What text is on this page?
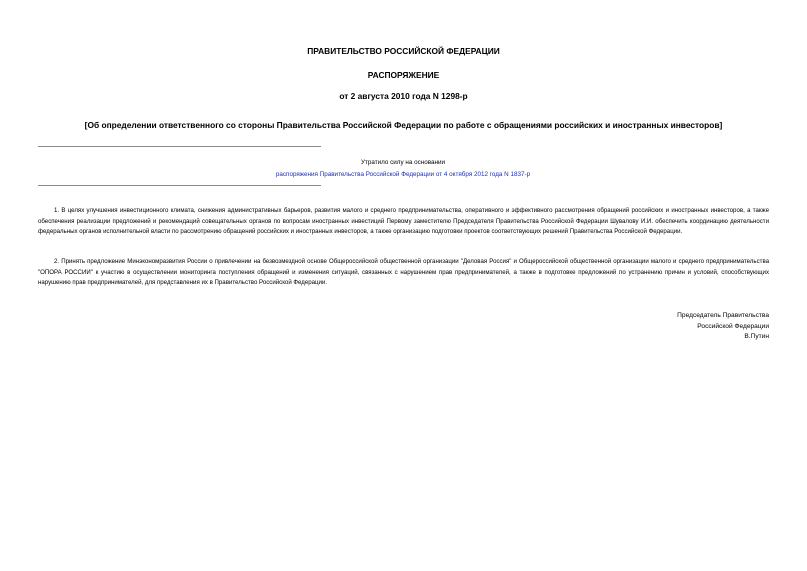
ПРАВИТЕЛЬСТВО РОССИЙСКОЙ ФЕДЕРАЦИИ
РАСПОРЯЖЕНИЕ
от 2 августа 2010 года N 1298-р
[Об определении ответственного со стороны Правительства Российской Федерации по работе с обращениями российских и иностранных инвесторов]
Утратило силу на основании
распоряжения Правительства Российской Федерации от 4 октября 2012 года N 1837-р

1. В целях улучшения инвестиционного климата, снижения административных барьеров, развития малого и среднего предпринимательства, оперативного и эффективного рассмотрения обращений российских и иностранных инвесторов, а также обеспечения реализации предложений и рекомендаций совещательных органов по вопросам иностранных инвестиций Первому заместителю Председателя Правительства Российской Федерации Шувалову И.И. обеспечить координацию деятельности федеральных органов исполнительной власти по рассмотрению обращений российских и иностранных инвесторов, а также организацию подготовки проектов соответствующих решений Правительства Российской Федерации.

2. Принять предложение Минэкономразвития России о привлечении на безвозмездной основе Общероссийской общественной организации "Деловая Россия" и Общероссийской общественной организации малого и среднего предпринимательства "ОПОРА РОССИИ" к участию в осуществлении мониторинга поступления обращений и изменения ситуаций, связанных с нарушением прав предпринимателей, а также в подготовке предложений по устранению причин и условий, способствующих нарушению прав предпринимателей, для представления их в Правительство Российской Федерации.

Председатель Правительства
Российской Федерации
В.Путин
